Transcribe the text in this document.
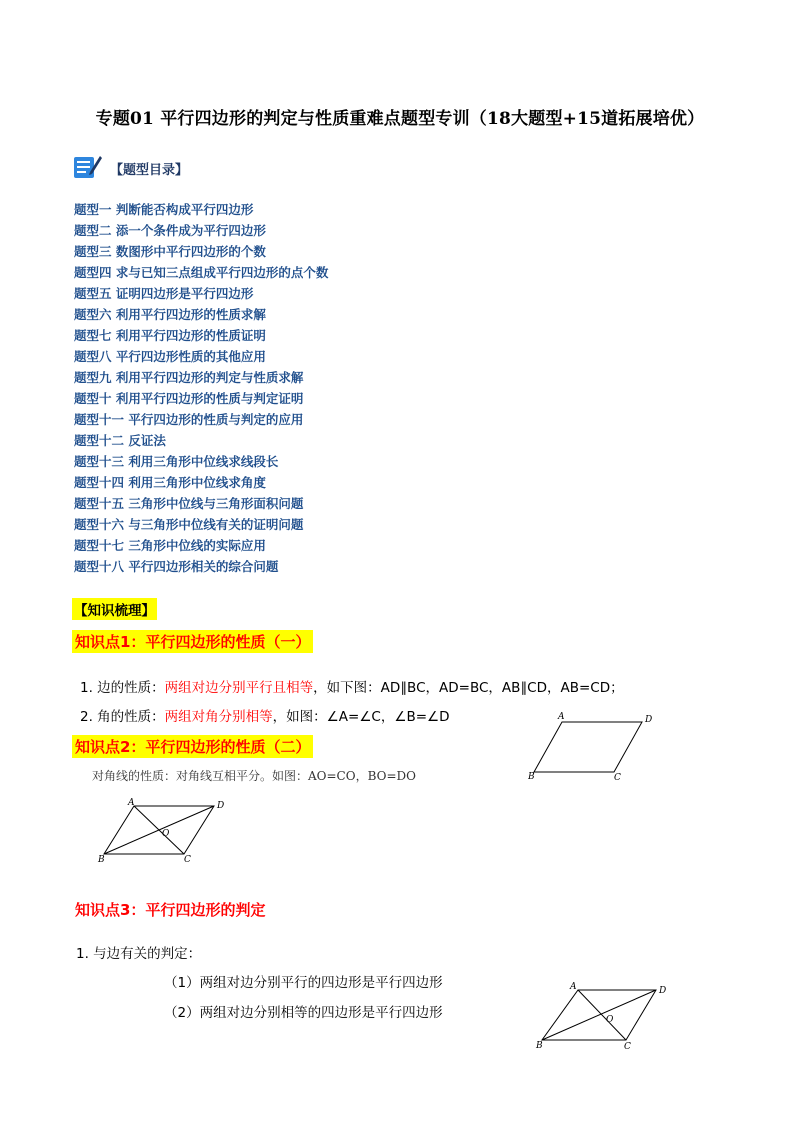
专题01 平行四边形的判定与性质重难点题型专训（18大题型+15道拓展培优）
【题型目录】
题型一 判断能否构成平行四边形
题型二 添一个条件成为平行四边形
题型三 数图形中平行四边形的个数
题型四 求与已知三点组成平行四边形的点个数
题型五 证明四边形是平行四边形
题型六 利用平行四边形的性质求解
题型七 利用平行四边形的性质证明
题型八 平行四边形性质的其他应用
题型九 利用平行四边形的判定与性质求解
题型十 利用平行四边形的性质与判定证明
题型十一 平行四边形的性质与判定的应用
题型十二 反证法
题型十三 利用三角形中位线求线段长
题型十四 利用三角形中位线求角度
题型十五 三角形中位线与三角形面积问题
题型十六 与三角形中位线有关的证明问题
题型十七 三角形中位线的实际应用
题型十八 平行四边形相关的综合问题
【知识梳理】
知识点1：平行四边形的性质（一）
1. 边的性质：两组对边分别平行且相等，如下图：AD∥BC，AD=BC，AB∥CD，AB=CD；
2. 角的性质：两组对角分别相等，如图：∠A=∠C，∠B=∠D	A	D
B	C
知识点2：平行四边形的性质（二）
对角线的性质：对角线互相平分。如图：AO=CO，BO=DO
A	D
O
B	C
知识点3：平行四边形的判定
1. 与边有关的判定：
（1）两组对边分别平行的四边形是平行四边形
（2）两组对边分别相等的四边形是平行四边形
A	D
O
B	C
